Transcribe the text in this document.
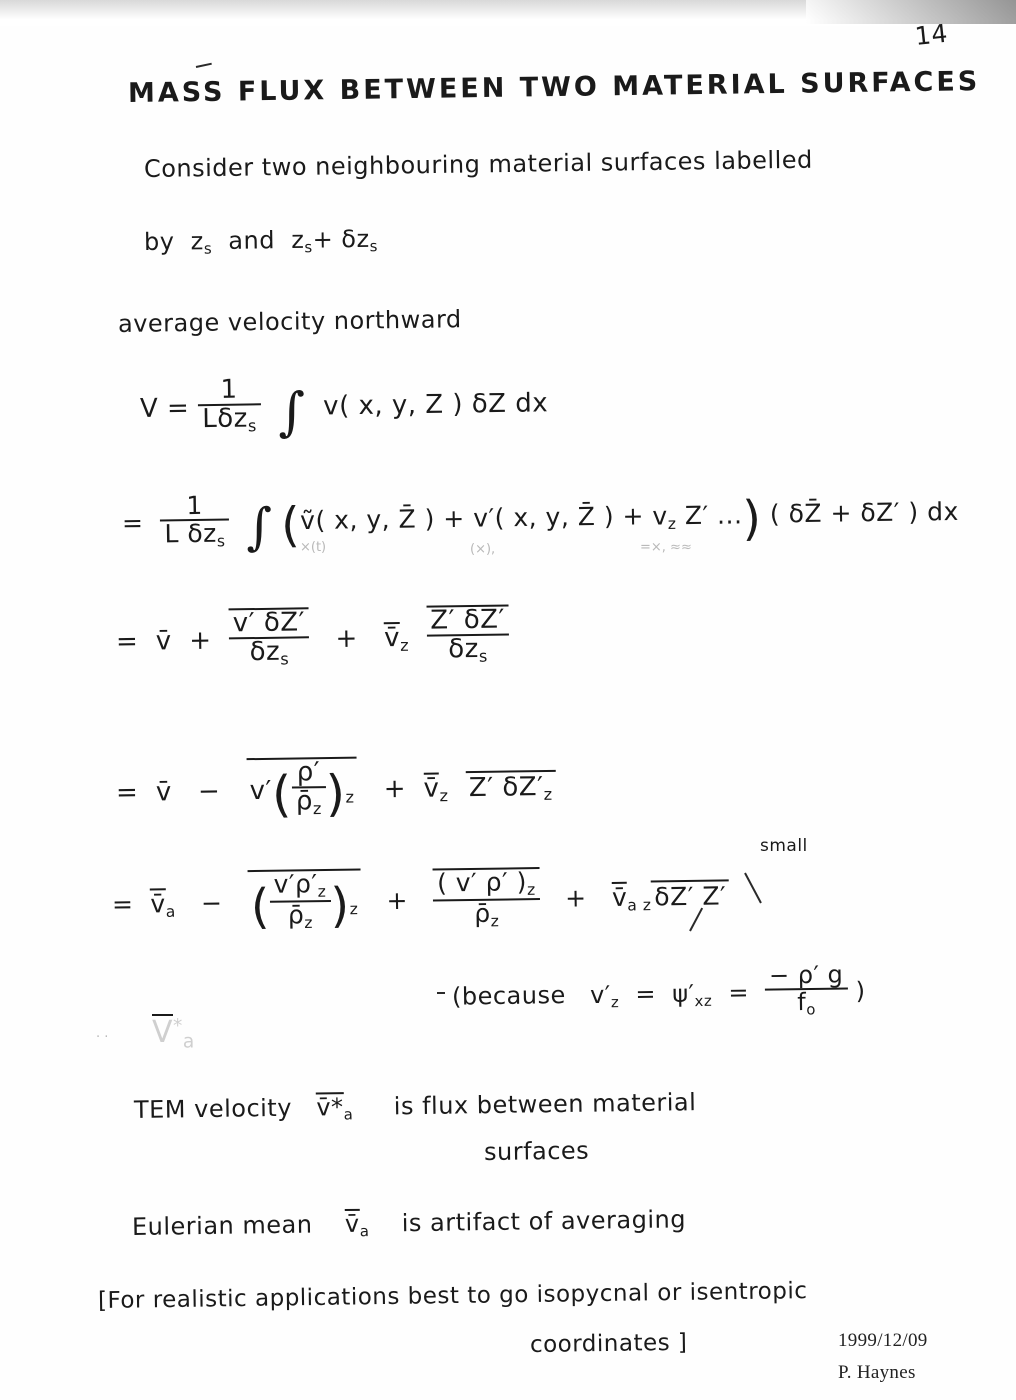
14
MASS FLUX BETWEEN TWO MATERIAL SURFACES
Consider two neighbouring material surfaces labelled
by $z_s$ and $z_s+ \delta z_s$
average velocity northward
$V = \frac{1}{L\delta z_s}$ ∫ v( x, y, Z ) δZ dx
= $\frac{1}{L \delta z_s}$ ∫ (ṽ( x, y, Z̄ ) + v′( x, y, Z̄ ) + $v_z$ Z′ ...) ( δZ̄ + δZ′ ) dx
×(t)	(×),	=×, ≈≈
= v̄ + $\frac{v' \delta Z'}{\delta z_s}$ + $v̄_z \frac{Z' \delta Z'}{\delta z_s}$
= v̄ − $v'( \frac{\rho'}{\rhō_z} )_z$ + $v̄_z$ Z′ $\delta Z'_z$
= $v̄_a$ − ( $\frac{v'\rho'_z}{\rhō_z} )_z + \frac{( v' \rho' )_z}{\rhō_z}$ + $v̄_{a z}$ δZ′ Z′
small
(because $v'_z = \psi'_{xz} = \frac{- \rho' g}{f_o}$ )
$V^*_a$
· ·
TEM velocity $v̄*_a$ is flux between material
surfaces
Eulerian mean $v̄_a$ is artifact of averaging
[For realistic applications best to go isopycnal or isentropic
coordinates ]	1999/12/09
P. Haynes
